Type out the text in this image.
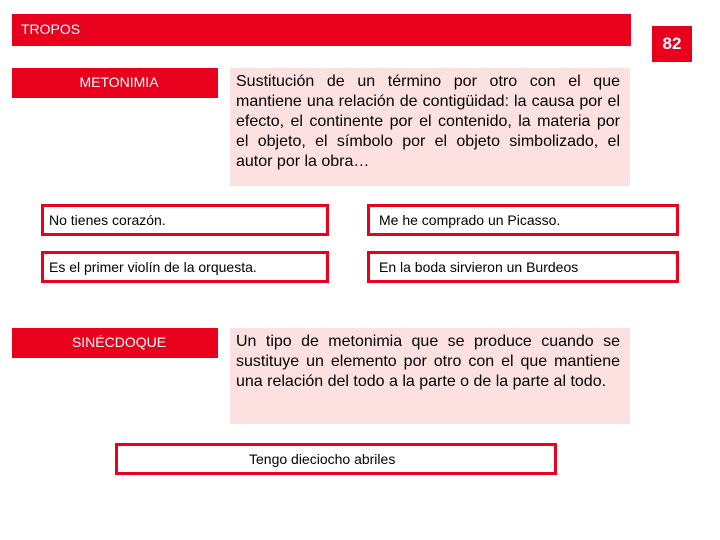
TROPOS
82
METONIMIA	Sustitución de un término por otro con el que mantiene una relación de contigüidad: la causa por el efecto, el continente por el contenido, la materia por el objeto, el símbolo por el objeto simbolizado, el autor por la obra…
No tienes corazón.	Me he comprado un Picasso.
Es el primer violín de la orquesta.	En la boda sirvieron un Burdeos
SINÉCDOQUE	Un tipo de metonimia que se produce cuando se sustituye un elemento por otro con el que mantiene una relación del todo a la parte o de la parte al todo.
Tengo dieciocho abriles
